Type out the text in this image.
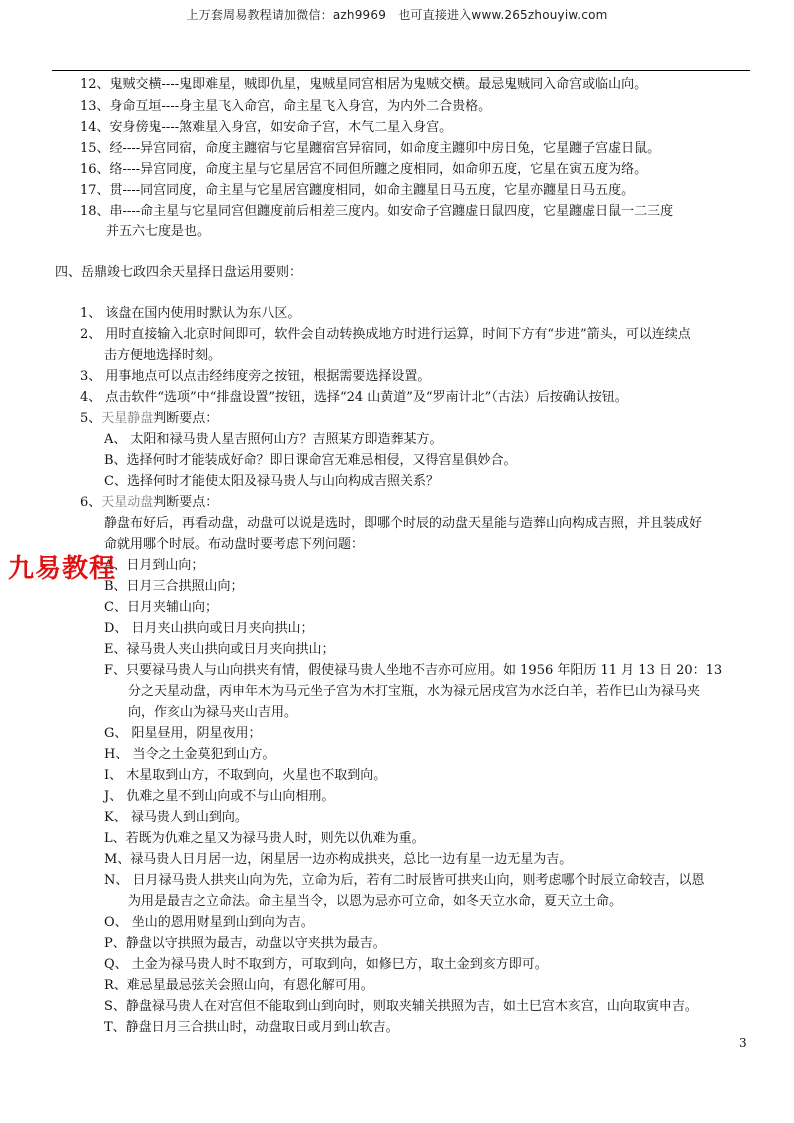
上万套周易教程请加微信：azh9969　也可直接进入www.265zhouyiw.com
12、鬼贼交横----鬼即难星，贼即仇星，鬼贼星同宫相居为鬼贼交横。最忌鬼贼同入命宫或临山向。
13、身命互垣----身主星飞入命宫，命主星飞入身宫，为内外二合贵格。
14、安身傍鬼----煞难星入身宫，如安命子宫，木气二星入身宫。
15、经----异宫同宿，命度主躔宿与它星躔宿宫异宿同，如命度主躔卯中房日兔，它星躔子宫虚日鼠。
16、络----异宫同度，命度主星与它星居宫不同但所躔之度相同，如命卯五度，它星在寅五度为络。
17、贯----同宫同度，命主星与它星居宫躔度相同，如命主躔星日马五度，它星亦躔星日马五度。
18、串----命主星与它星同宫但躔度前后相差三度内。如安命子宫躔虚日鼠四度，它星躔虚日鼠一二三度
并五六七度是也。
四、岳鼎竣七政四余天星择日盘运用要则：
1、 该盘在国内使用时默认为东八区。
2、 用时直接输入北京时间即可，软件会自动转换成地方时进行运算，时间下方有“步进”箭头，可以连续点
击方便地选择时刻。
3、 用事地点可以点击经纬度旁之按钮，根据需要选择设置。
4、 点击软件“选项”中“排盘设置”按钮，选择“24 山黄道”及“罗南计北”（古法）后按确认按钮。
5、天星静盘判断要点：
A、 太阳和禄马贵人星吉照何山方？吉照某方即造葬某方。
B、选择何时才能装成好命？即日课命宫无难忌相侵，又得宫星俱妙合。
C、选择何时才能使太阳及禄马贵人与山向构成吉照关系？
6、天星动盘判断要点：
静盘布好后，再看动盘，动盘可以说是选时，即哪个时辰的动盘天星能与造葬山向构成吉照，并且装成好
命就用哪个时辰。布动盘时要考虑下列问题：
A、日月到山向；
B、日月三合拱照山向；
C、日月夹辅山向；
D、 日月夹山拱向或日月夹向拱山；
E、禄马贵人夹山拱向或日月夹向拱山；
F、只要禄马贵人与山向拱夹有情，假使禄马贵人坐地不吉亦可应用。如 1956 年阳历 11 月 13 日 20：13
分之天星动盘，丙申年木为马元坐子宫为木打宝瓶，水为禄元居戌宫为水泛白羊，若作巳山为禄马夹
向，作亥山为禄马夹山吉用。
G、 阳星昼用，阴星夜用；
H、 当令之土金莫犯到山方。
I、 木星取到山方，不取到向，火星也不取到向。
J、 仇难之星不到山向或不与山向相刑。
K、 禄马贵人到山到向。
L、若既为仇难之星又为禄马贵人时，则先以仇难为重。
M、禄马贵人日月居一边，闲星居一边亦构成拱夹，总比一边有星一边无星为吉。
N、 日月禄马贵人拱夹山向为先，立命为后，若有二时辰皆可拱夹山向，则考虑哪个时辰立命较吉，以恩
为用是最吉之立命法。命主星当令，以恩为忌亦可立命，如冬天立水命，夏天立土命。
O、 坐山的恩用财星到山到向为吉。
P、静盘以守拱照为最吉，动盘以守夹拱为最吉。
Q、 土金为禄马贵人时不取到方，可取到向，如修巳方，取土金到亥方即可。
R、难忌星最忌弦关会照山向，有恩化解可用。
S、静盘禄马贵人在对宫但不能取到山到向时，则取夹辅关拱照为吉，如土巳宫木亥宫，山向取寅申吉。
T、静盘日月三合拱山时，动盘取日或月到山软吉。
九易教程
3
